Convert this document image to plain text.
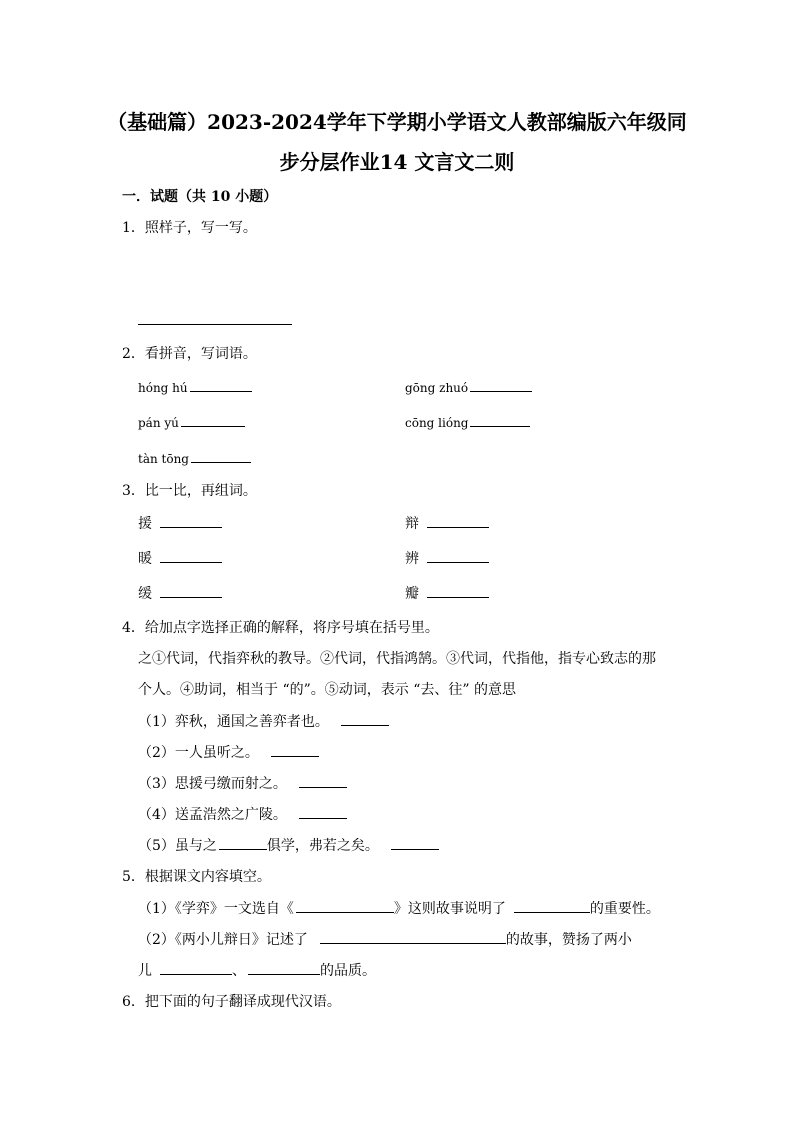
（基础篇）2023-2024学年下学期小学语文人教部编版六年级同
步分层作业14 文言文二则
一．试题（共 10 小题）
1．照样子，写一写。
2．看拼音，写词语。
hóng hú	gōng zhuó
pán yú	cōng lióng
tàn tōng
3．比一比，再组词。
援	辩
暖	辨
缓	瓣
4．给加点字选择正确的解释，将序号填在括号里。
之①代词，代指弈秋的教导。②代词，代指鸿鹄。③代词，代指他，指专心致志的那
个人。④助词，相当于 “的”。⑤动词，表示 “去、往” 的意思
（1）弈秋，通国之善弈者也。
（2）一人虽听之。
（3）思援弓缴而射之。
（4）送孟浩然之广陵。
（5）虽与之	俱学，弗若之矣。
5．根据课文内容填空。
（1）《学弈》一文选自《	》这则故事说明了	的重要性。
（2）《两小儿辩日》记述了	的故事，赞扬了两小
儿	、	的品质。
6．把下面的句子翻译成现代汉语。
